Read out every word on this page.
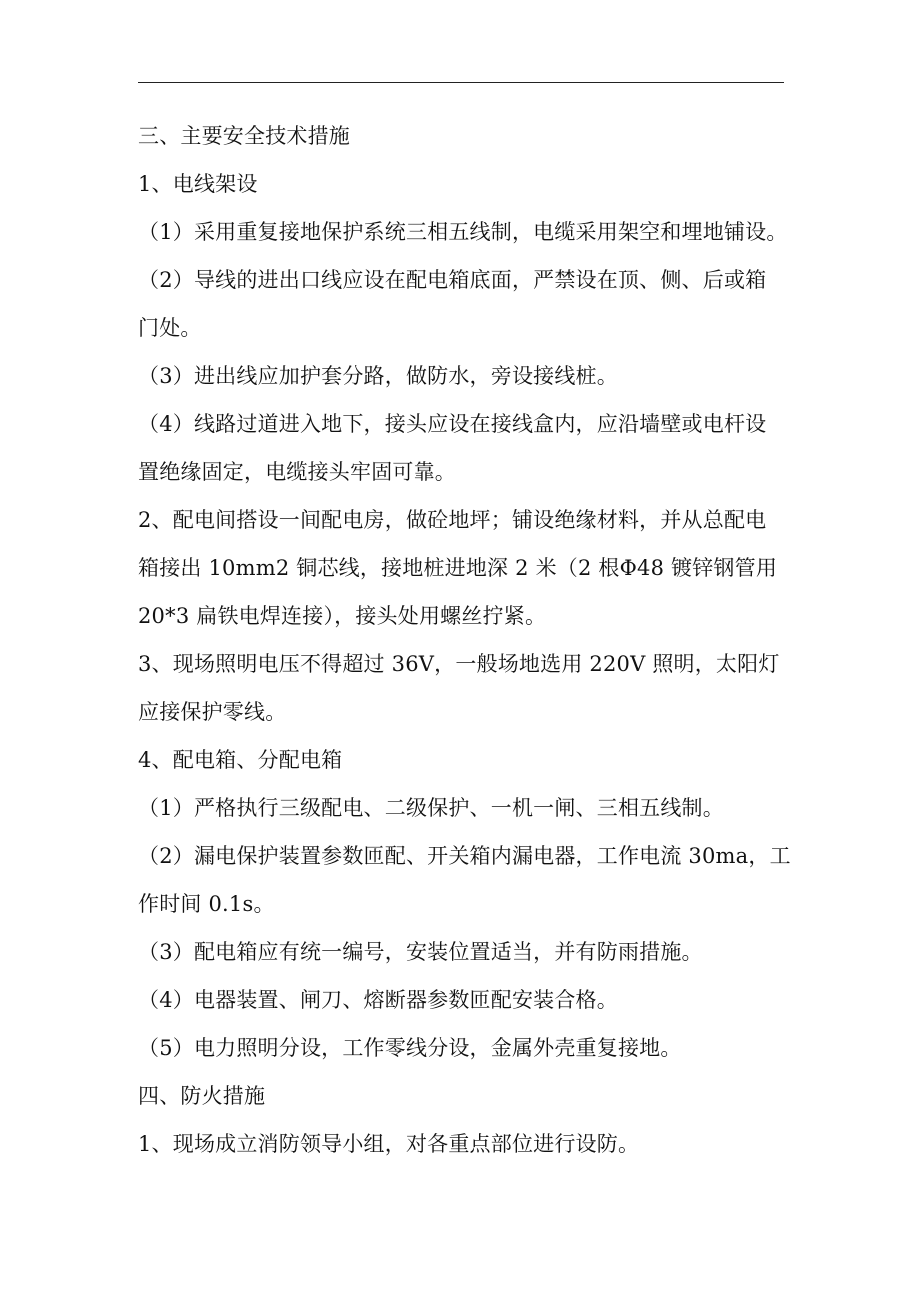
三、主要安全技术措施
1、电线架设
（1）采用重复接地保护系统三相五线制，电缆采用架空和埋地铺设。
（2）导线的进出口线应设在配电箱底面，严禁设在顶、侧、后或箱
门处。
（3）进出线应加护套分路，做防水，旁设接线桩。
（4）线路过道进入地下，接头应设在接线盒内，应沿墙壁或电杆设
置绝缘固定，电缆接头牢固可靠。
2、配电间搭设一间配电房，做砼地坪；铺设绝缘材料，并从总配电
箱接出 10mm2 铜芯线，接地桩进地深 2 米（2 根Φ48 镀锌钢管用
20*3 扁铁电焊连接），接头处用螺丝拧紧。
3、现场照明电压不得超过 36V，一般场地选用 220V 照明，太阳灯
应接保护零线。
4、配电箱、分配电箱
（1）严格执行三级配电、二级保护、一机一闸、三相五线制。
（2）漏电保护装置参数匝配、开关箱内漏电器，工作电流 30ma，工
作时间 0.1s。
（3）配电箱应有统一编号，安装位置适当，并有防雨措施。
（4）电器装置、闸刀、熔断器参数匝配安装合格。
（5）电力照明分设，工作零线分设，金属外壳重复接地。
四、防火措施
1、现场成立消防领导小组，对各重点部位进行设防。
